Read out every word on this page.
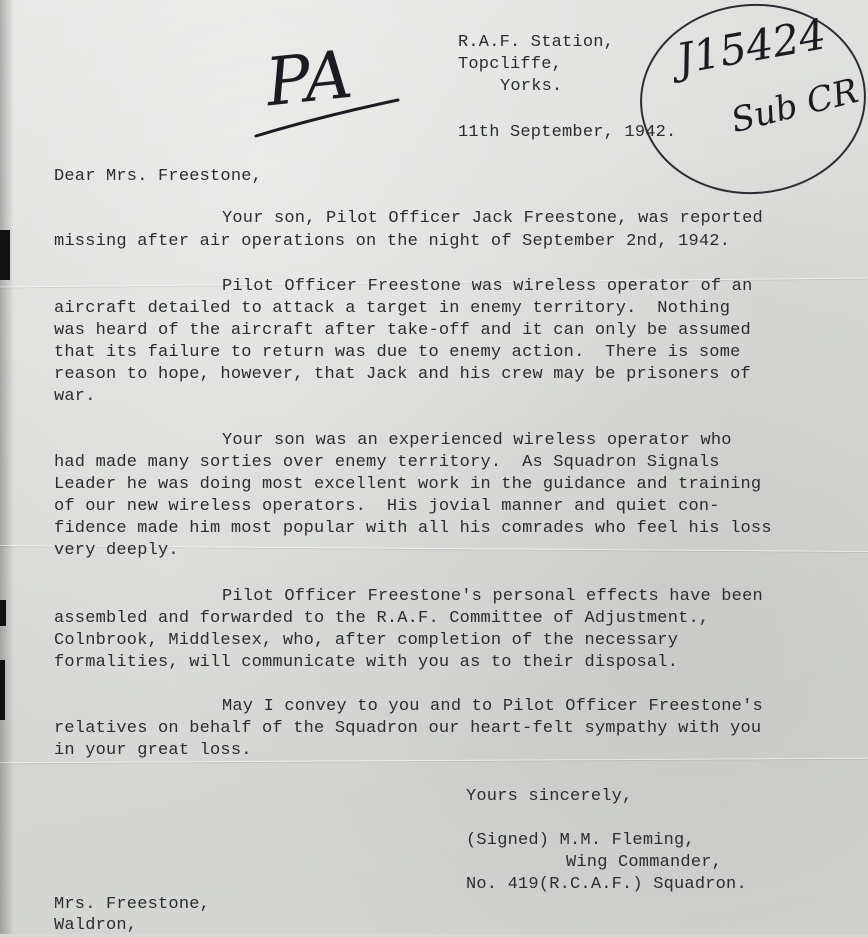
PA	J15424
Sub CR
R.A.F. Station,
Topcliffe,
Yorks.
11th September, 1942.
Dear Mrs. Freestone,
Your son, Pilot Officer Jack Freestone, was reported
missing after air operations on the night of September 2nd, 1942.
Pilot Officer Freestone was wireless operator of an
aircraft detailed to attack a target in enemy territory.  Nothing
was heard of the aircraft after take-off and it can only be assumed
that its failure to return was due to enemy action.  There is some
reason to hope, however, that Jack and his crew may be prisoners of
war.
Your son was an experienced wireless operator who
had made many sorties over enemy territory.  As Squadron Signals
Leader he was doing most excellent work in the guidance and training
of our new wireless operators.  His jovial manner and quiet con-
fidence made him most popular with all his comrades who feel his loss
very deeply.
Pilot Officer Freestone's personal effects have been
assembled and forwarded to the R.A.F. Committee of Adjustment.,
Colnbrook, Middlesex, who, after completion of the necessary
formalities, will communicate with you as to their disposal.
May I convey to you and to Pilot Officer Freestone's
relatives on behalf of the Squadron our heart-felt sympathy with you
in your great loss.
Yours sincerely,
(Signed) M.M. Fleming,
Wing Commander,
No. 419(R.C.A.F.) Squadron.
Mrs. Freestone,
Waldron,
